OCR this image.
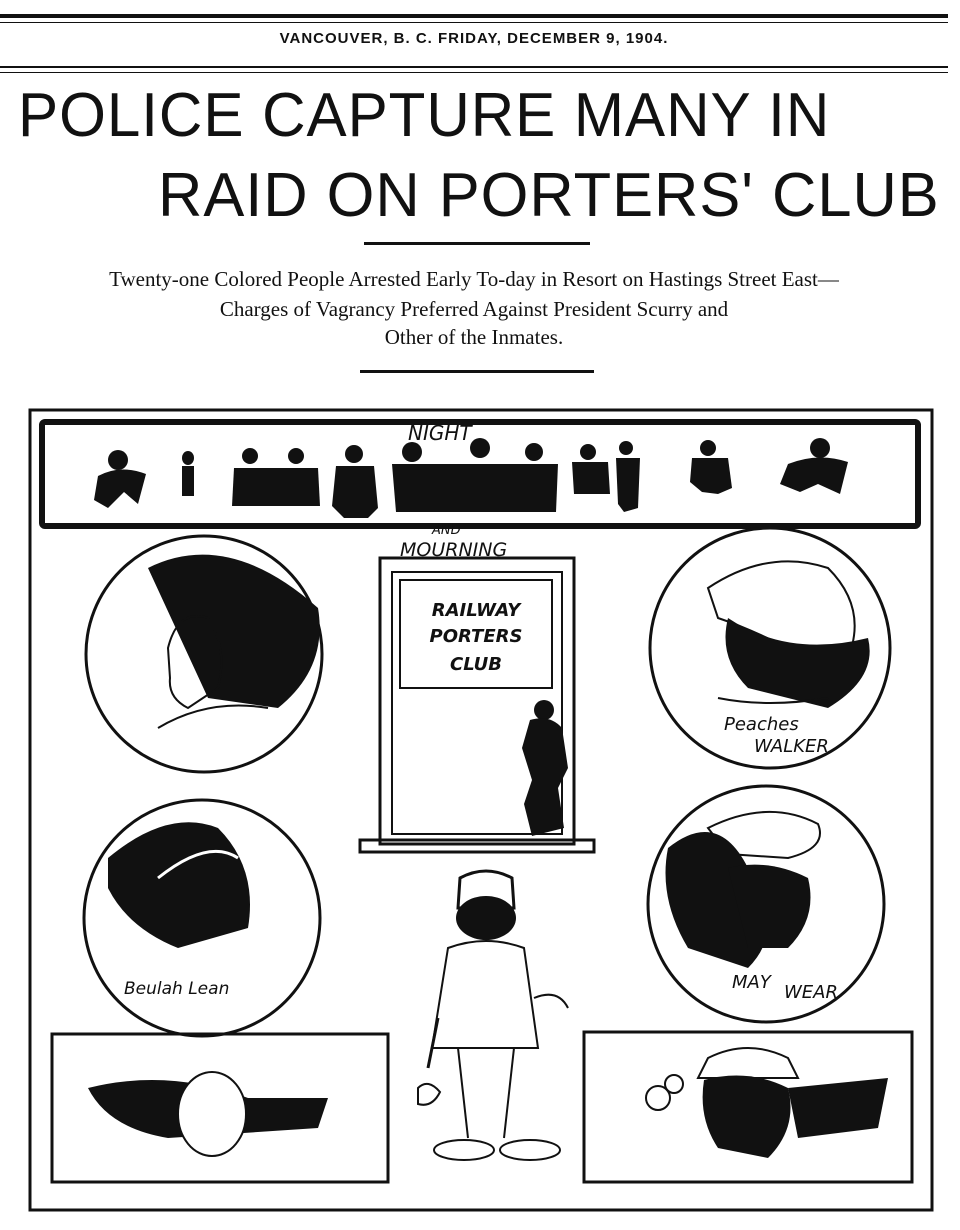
VANCOUVER, B. C. FRIDAY, DECEMBER 9, 1904.
POLICE CAPTURE MANY IN
RAID ON PORTERS' CLUB
Twenty-one Colored People Arrested Early To-day in Resort on Hastings Street East—
Charges of Vagrancy Preferred Against President Scurry and
Other of the Inmates.
NIGHT
AND
MOURNING
RAILWAY
PORTERS
CLUB
Peaches
WALKER
Beulah Lean	MAY WEAR
